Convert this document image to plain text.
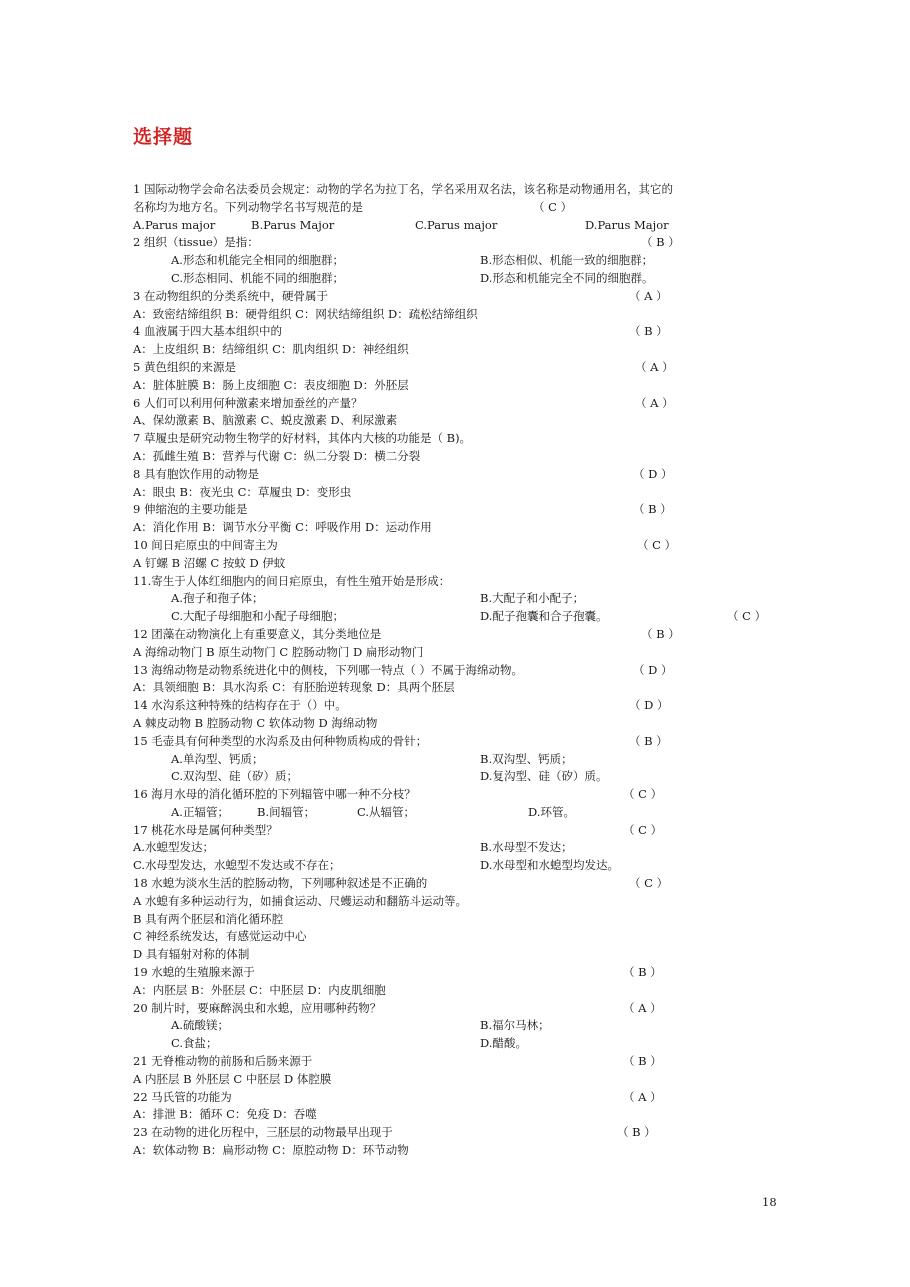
选择题
1 国际动物学会命名法委员会规定：动物的学名为拉丁名，学名采用双名法，该名称是动物通用名，其它的
名称均为地方名。下列动物学名书写规范的是	（ C ）
A.Parus major	B.Parus Major	C.Parus major	D.Parus Major
2 组织（tissue）是指：	（ B ）
A.形态和机能完全相同的细胞群；	B.形态相似、机能一致的细胞群；
C.形态相同、机能不同的细胞群；	D.形态和机能完全不同的细胞群。
3 在动物组织的分类系统中，硬骨属于	（ A ）
A：致密结缔组织 B：硬骨组织 C：网状结缔组织 D：疏松结缔组织
4 血液属于四大基本组织中的	（ B ）
A：上皮组织 B：结缔组织 C：肌肉组织 D：神经组织
5 黄色组织的来源是	（ A ）
A：脏体脏膜 B：肠上皮细胞 C：表皮细胞 D：外胚层
6 人们可以利用何种激素来增加蚕丝的产量？	（ A ）
A、保幼激素 B、脑激素 C、蜕皮激素 D、利尿激素
7 草履虫是研究动物生物学的好材料，其体内大核的功能是（ B)。
A：孤雌生殖 B：营养与代谢 C：纵二分裂 D：横二分裂
8 具有胞饮作用的动物是	（ D ）
A：眼虫 B：夜光虫 C：草履虫 D：变形虫
9 伸缩泡的主要功能是	（ B ）
A：消化作用 B：调节水分平衡 C：呼吸作用 D：运动作用
10 间日疟原虫的中间寄主为	（ C ）
A 钉螺 B 沼螺 C 按蚊 D 伊蚊
11.寄生于人体红细胞内的间日疟原虫，有性生殖开始是形成：
A.孢子和孢子体；	B.大配子和小配子；
C.大配子母细胞和小配子母细胞；	D.配子孢囊和合子孢囊。	（ C ）
12 团藻在动物演化上有重要意义，其分类地位是	（ B ）
A 海绵动物门 B 原生动物门 C 腔肠动物门 D 扁形动物门
13 海绵动物是动物系统进化中的侧枝，下列哪一特点（ ）不属于海绵动物。	（ D ）
A：具领细胞 B：具水沟系 C：有胚胎逆转现象 D：具两个胚层
14 水沟系这种特殊的结构存在于（）中。	（ D ）
A 棘皮动物 B 腔肠动物 C 软体动物 D 海绵动物
15 毛壶具有何种类型的水沟系及由何种物质构成的骨针；	（ B ）
A.单沟型、钙质；	B.双沟型、钙质；
C.双沟型、硅（矽）质；	D.复沟型、硅（矽）质。
16 海月水母的消化循环腔的下列辐管中哪一种不分枝？	（ C ）
A.正辐管； B.间辐管；	C.从辐管；	D.环管。
17 桃花水母是属何种类型？	（ C ）
A.水螅型发达；	B.水母型不发达；
C.水母型发达，水螅型不发达或不存在；	D.水母型和水螅型均发达。
18 水螅为淡水生活的腔肠动物，下列哪种叙述是不正确的	（ C ）
A 水螅有多种运动行为，如捕食运动、尺蠖运动和翻筋斗运动等。
B 具有两个胚层和消化循环腔
C 神经系统发达，有感觉运动中心
D 具有辐射对称的体制
19 水螅的生殖腺来源于	（ B ）
A：内胚层 B：外胚层 C：中胚层 D：内皮肌细胞
20 制片时，要麻醉涡虫和水螅，应用哪种药物？	（ A ）
A.硫酸镁；	B.福尔马林；
C.食盐；	D.醋酸。
21 无脊椎动物的前肠和后肠来源于	（ B ）
A 内胚层 B 外胚层 C 中胚层 D 体腔膜
22 马氏管的功能为	（ A ）
A：排泄 B：循环 C：免疫 D：吞噬
23 在动物的进化历程中，三胚层的动物最早出现于	（ B ）
A：软体动物 B：扁形动物 C：原腔动物 D：环节动物
18
